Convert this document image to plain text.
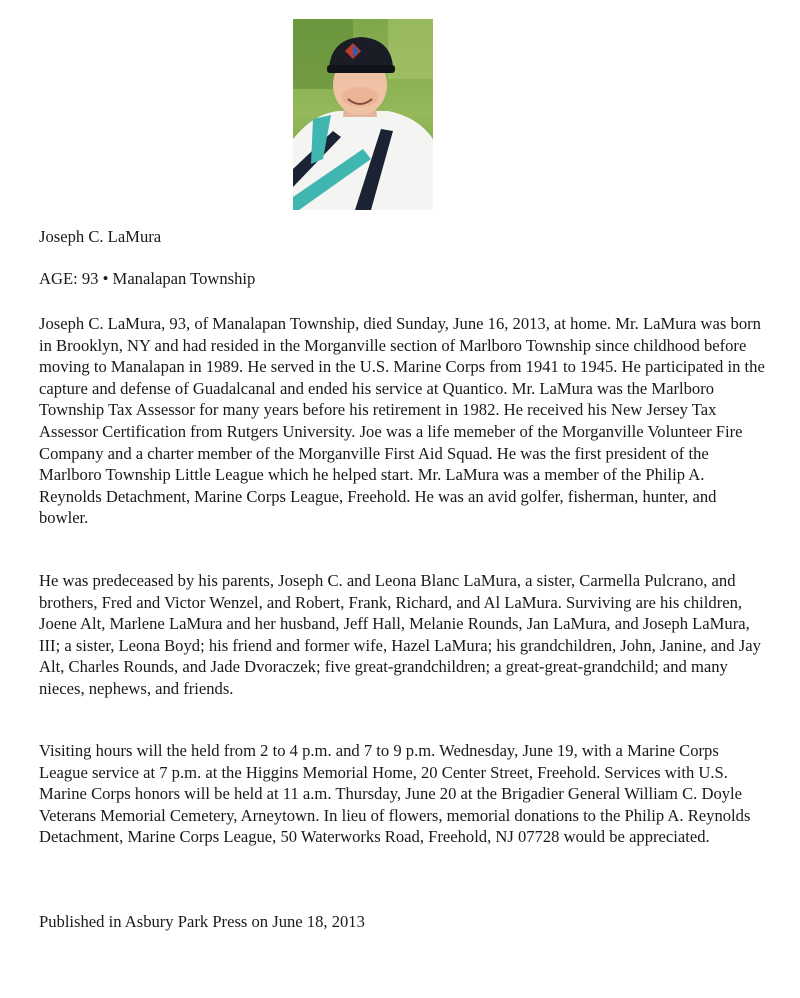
Joseph C. LaMura

AGE: 93 • Manalapan Township

Joseph C. LaMura, 93, of Manalapan Township, died Sunday, June 16, 2013, at home. Mr. LaMura was born in Brooklyn, NY and had resided in the Morganville section of Marlboro Township since childhood before moving to Manalapan in 1989. He served in the U.S. Marine Corps from 1941 to 1945. He participated in the capture and defense of Guadalcanal and ended his service at Quantico. Mr. LaMura was the Marlboro Township Tax Assessor for many years before his retirement in 1982. He received his New Jersey Tax Assessor Certification from Rutgers University. Joe was a life memeber of the Morganville Volunteer Fire Company and a charter member of the Morganville First Aid Squad. He was the first president of the Marlboro Township Little League which he helped start. Mr. LaMura was a member of the Philip A. Reynolds Detachment, Marine Corps League, Freehold. He was an avid golfer, fisherman, hunter, and bowler.

He was predeceased by his parents, Joseph C. and Leona Blanc LaMura, a sister, Carmella Pulcrano, and brothers, Fred and Victor Wenzel, and Robert, Frank, Richard, and Al LaMura. Surviving are his children, Joene Alt, Marlene LaMura and her husband, Jeff Hall, Melanie Rounds, Jan LaMura, and Joseph LaMura, III; a sister, Leona Boyd; his friend and former wife, Hazel LaMura; his grandchildren, John, Janine, and Jay Alt, Charles Rounds, and Jade Dvoraczek; five great-grandchildren; a great-great-grandchild; and many nieces, nephews, and friends.

Visiting hours will the held from 2 to 4 p.m. and 7 to 9 p.m. Wednesday, June 19, with a Marine Corps League service at 7 p.m. at the Higgins Memorial Home, 20 Center Street, Freehold. Services with U.S. Marine Corps honors will be held at 11 a.m. Thursday, June 20 at the Brigadier General William C. Doyle Veterans Memorial Cemetery, Arneytown. In lieu of flowers, memorial donations to the Philip A. Reynolds Detachment, Marine Corps League, 50 Waterworks Road, Freehold, NJ 07728 would be appreciated.

Published in Asbury Park Press on June 18, 2013
